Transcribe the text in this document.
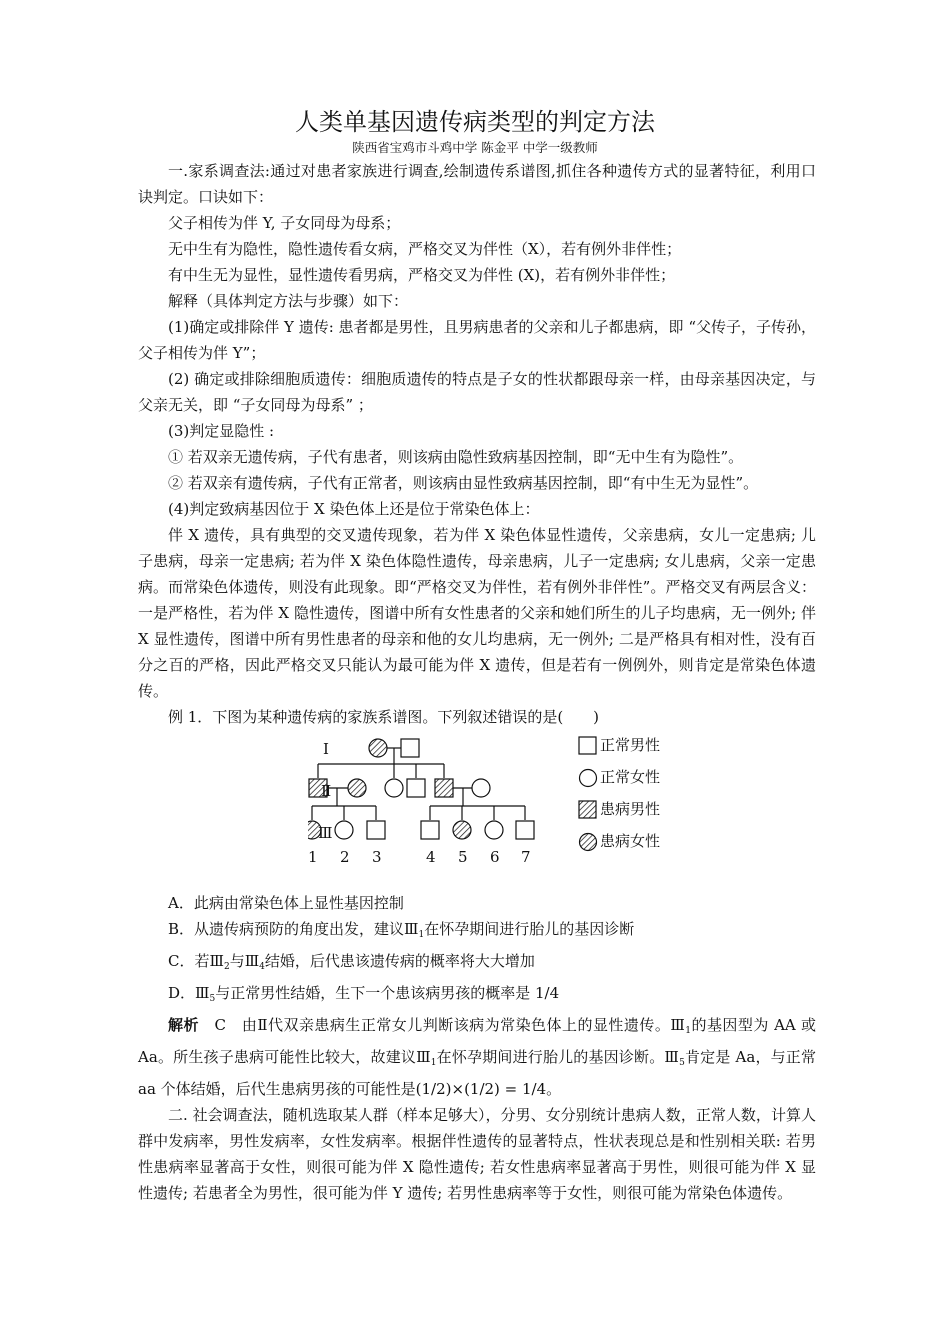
人类单基因遗传病类型的判定方法
陕西省宝鸡市斗鸡中学 陈金平 中学一级教师

一.家系调查法:通过对患者家族进行调查,绘制遗传系谱图,抓住各种遗传方式的显著特征，利用口诀判定。口诀如下：

父子相传为伴 Y, 子女同母为母系；

无中生有为隐性，隐性遗传看女病，严格交叉为伴性（X），若有例外非伴性；

有中生无为显性，显性遗传看男病，严格交叉为伴性 (X)，若有例外非伴性；

解释（具体判定方法与步骤）如下：

(1)确定或排除伴 Y 遗传: 患者都是男性，且男病患者的父亲和儿子都患病，即 “父传子，子传孙，父子相传为伴 Y”；

(2) 确定或排除细胞质遗传：细胞质遗传的特点是子女的性状都跟母亲一样，由母亲基因决定，与父亲无关，即 “子女同母为母系” ；

(3)判定显隐性 :

① 若双亲无遗传病，子代有患者，则该病由隐性致病基因控制，即“无中生有为隐性”。

② 若双亲有遗传病，子代有正常者，则该病由显性致病基因控制，即“有中生无为显性”。

(4)判定致病基因位于 X 染色体上还是位于常染色体上：

伴 X 遗传，具有典型的交叉遗传现象，若为伴 X 染色体显性遗传，父亲患病，女儿一定患病; 儿子患病，母亲一定患病; 若为伴 X 染色体隐性遗传，母亲患病，儿子一定患病; 女儿患病，父亲一定患病。而常染色体遗传，则没有此现象。即“严格交叉为伴性，若有例外非伴性”。严格交叉有两层含义：一是严格性，若为伴 X 隐性遗传，图谱中所有女性患者的父亲和她们所生的儿子均患病，无一例外; 伴 X 显性遗传，图谱中所有男性患者的母亲和他的女儿均患病，无一例外; 二是严格具有相对性，没有百分之百的严格，因此严格交叉只能认为最可能为伴 X 遗传，但是若有一例例外，则肯定是常染色体遗传。

例 1．下图为某种遗传病的家族系谱图。下列叙述错误的是(　　)

Ⅰ
Ⅱ
Ⅲ
1 2 3	4 5 6 7
正常男性
正常女性
患病男性
患病女性

A．此病由常染色体上显性基因控制

B．从遗传病预防的角度出发，建议$Ⅲ_1$在怀孕期间进行胎儿的基因诊断

C．若$Ⅲ_2$与$Ⅲ_4$结婚，后代患该遗传病的概率将大大增加

D．$Ⅲ_5$与正常男性结婚，生下一个患该病男孩的概率是 1/4

解析　 C　 由Ⅱ代双亲患病生正常女儿判断该病为常染色体上的显性遗传。$Ⅲ_1$的基因型为 AA 或 Aa。所生孩子患病可能性比较大，故建议$Ⅲ_1$在怀孕期间进行胎儿的基因诊断。$Ⅲ_5$肯定是 Aa，与正常 aa 个体结婚，后代生患病男孩的可能性是(1/2)×(1/2) = 1/4。

二. 社会调查法，随机选取某人群（样本足够大），分男、女分别统计患病人数，正常人数，计算人群中发病率，男性发病率，女性发病率。根据伴性遗传的显著特点，性状表现总是和性别相关联: 若男性患病率显著高于女性，则很可能为伴 X 隐性遗传; 若女性患病率显著高于男性，则很可能为伴 X 显性遗传; 若患者全为男性，很可能为伴 Y 遗传; 若男性患病率等于女性，则很可能为常染色体遗传。
